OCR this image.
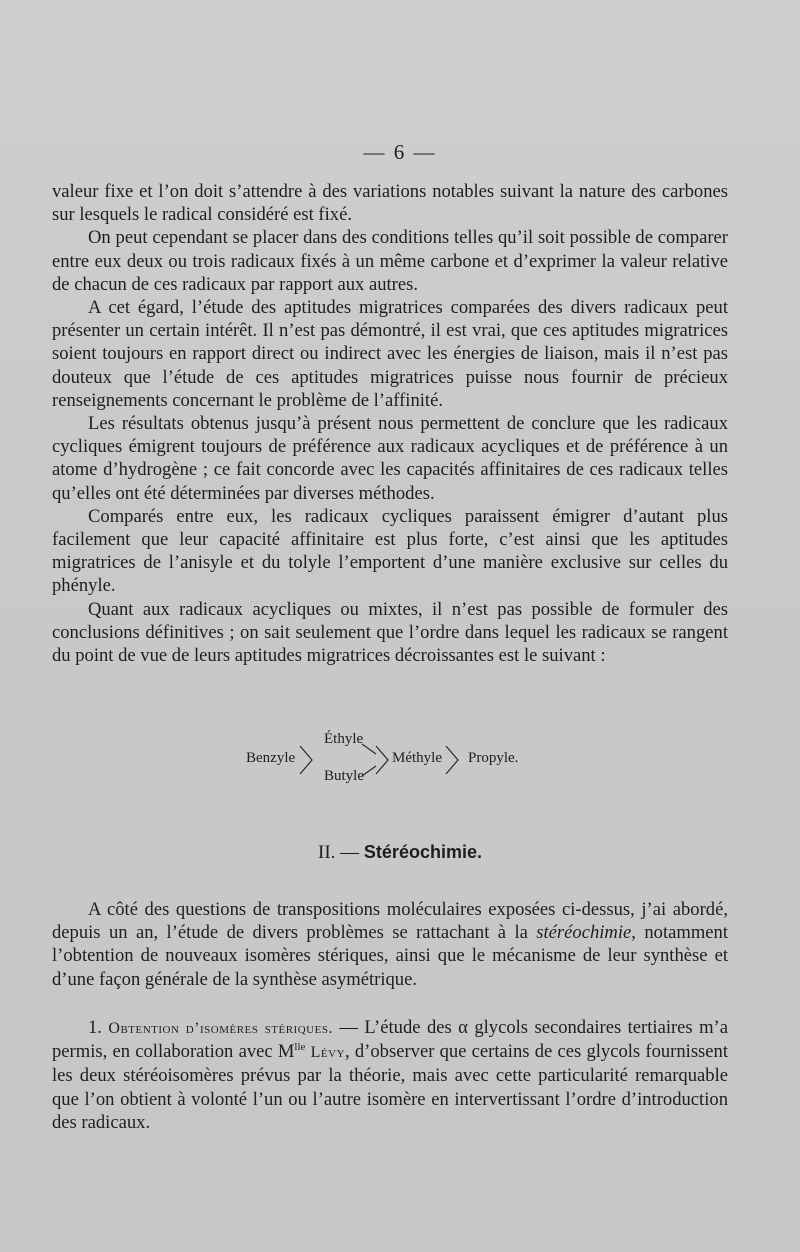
— 6 —

valeur fixe et l’on doit s’attendre à des variations notables suivant la nature des carbones sur lesquels le radical considéré est fixé.

On peut cependant se placer dans des conditions telles qu’il soit possible de comparer entre eux deux ou trois radicaux fixés à un même carbone et d’exprimer la valeur relative de chacun de ces radicaux par rapport aux autres.

A cet égard, l’étude des aptitudes migratrices comparées des divers radicaux peut présenter un certain intérêt. Il n’est pas démontré, il est vrai, que ces aptitudes migratrices soient toujours en rapport direct ou indirect avec les énergies de liaison, mais il n’est pas douteux que l’étude de ces aptitudes migratrices puisse nous fournir de précieux renseignements concernant le problème de l’affinité.

Les résultats obtenus jusqu’à présent nous permettent de conclure que les radicaux cycliques émigrent toujours de préférence aux radicaux acycliques et de préférence à un atome d’hydrogène ; ce fait concorde avec les capacités affinitaires de ces radicaux telles qu’elles ont été déterminées par diverses méthodes.

Comparés entre eux, les radicaux cycliques paraissent émigrer d’autant plus facilement que leur capacité affinitaire est plus forte, c’est ainsi que les aptitudes migratrices de l’anisyle et du tolyle l’emportent d’une manière exclusive sur celles du phényle.

Quant aux radicaux acycliques ou mixtes, il n’est pas possible de formuler des conclusions définitives ; on sait seulement que l’ordre dans lequel les radicaux se rangent du point de vue de leurs aptitudes migratrices décroissantes est le suivant :

Benzyle
Éthyle
Butyle
Méthyle Propyle.
II. — Stéréochimie.

A côté des questions de transpositions moléculaires exposées ci-dessus, j’ai abordé, depuis un an, l’étude de divers problèmes se rattachant à la stéréochimie, notamment l’obtention de nouveaux isomères stériques, ainsi que le mécanisme de leur synthèse et d’une façon générale de la synthèse asymétrique.

1. Obtention d’isomères stériques. — L’étude des α glycols secondaires tertiaires m’a permis, en collaboration avec $M^{lle}$ Lévy, d’observer que certains de ces glycols fournissent les deux stéréoisomères prévus par la théorie, mais avec cette particularité remarquable que l’on obtient à volonté l’un ou l’autre isomère en intervertissant l’ordre d’introduction des radicaux.
